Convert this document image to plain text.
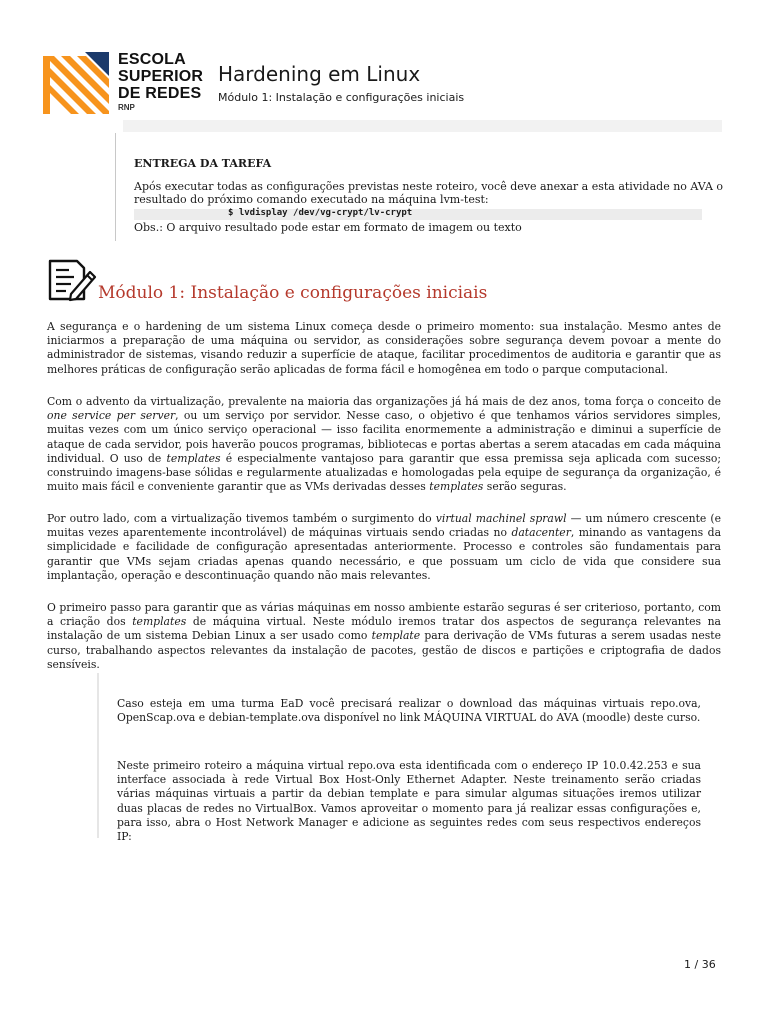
ESCOLA
SUPERIOR
DE REDES
RNP
Hardening em Linux
Módulo 1: Instalação e configurações iniciais
ENTREGA DA TAREFA
Após executar todas as configurações previstas neste roteiro, você deve anexar a esta atividade no AVA o resultado do próximo comando executado na máquina lvm-test:
$ lvdisplay /dev/vg-crypt/lv-crypt
Obs.: O arquivo resultado pode estar em formato de imagem ou texto
Módulo 1: Instalação e configurações iniciais
A segurança e o hardening de um sistema Linux começa desde o primeiro momento: sua instalação. Mesmo antes de iniciarmos a preparação de uma máquina ou servidor, as considerações sobre segurança devem povoar a mente do administrador de sistemas, visando reduzir a superfície de ataque, facilitar procedimentos de auditoria e garantir que as melhores práticas de configuração serão aplicadas de forma fácil e homogênea em todo o parque computacional.
Com o advento da virtualização, prevalente na maioria das organizações já há mais de dez anos, toma força o conceito de one service per server, ou um serviço por servidor. Nesse caso, o objetivo é que tenhamos vários servidores simples, muitas vezes com um único serviço operacional — isso facilita enormemente a administração e diminui a superfície de ataque de cada servidor, pois haverão poucos programas, bibliotecas e portas abertas a serem atacadas em cada máquina individual. O uso de templates é especialmente vantajoso para garantir que essa premissa seja aplicada com sucesso; construindo imagens-base sólidas e regularmente atualizadas e homologadas pela equipe de segurança da organização, é muito mais fácil e conveniente garantir que as VMs derivadas desses templates serão seguras.
Por outro lado, com a virtualização tivemos também o surgimento do virtual machinel sprawl — um número crescente (e muitas vezes aparentemente incontrolável) de máquinas virtuais sendo criadas no datacenter, minando as vantagens da simplicidade e facilidade de configuração apresentadas anteriormente. Processo e controles são fundamentais para garantir que VMs sejam criadas apenas quando necessário, e que possuam um ciclo de vida que considere sua implantação, operação e descontinuação quando não mais relevantes.
O primeiro passo para garantir que as várias máquinas em nosso ambiente estarão seguras é ser criterioso, portanto, com a criação dos templates de máquina virtual. Neste módulo iremos tratar dos aspectos de segurança relevantes na instalação de um sistema Debian Linux a ser usado como template para derivação de VMs futuras a serem usadas neste curso, trabalhando aspectos relevantes da instalação de pacotes, gestão de discos e partições e criptografia de dados sensíveis.
Caso esteja em uma turma EaD você precisará realizar o download das máquinas virtuais repo.ova, OpenScap.ova e debian-template.ova disponível no link MÁQUINA VIRTUAL do AVA (moodle) deste curso.
Neste primeiro roteiro a máquina virtual repo.ova esta identificada com o endereço IP 10.0.42.253 e sua interface associada à rede Virtual Box Host-Only Ethernet Adapter. Neste treinamento serão criadas várias máquinas virtuais a partir da debian template e para simular algumas situações iremos utilizar duas placas de redes no VirtualBox. Vamos aproveitar o momento para já realizar essas configurações e, para isso, abra o Host Network Manager e adicione as seguintes redes com seus respectivos endereços IP:
1 / 36
